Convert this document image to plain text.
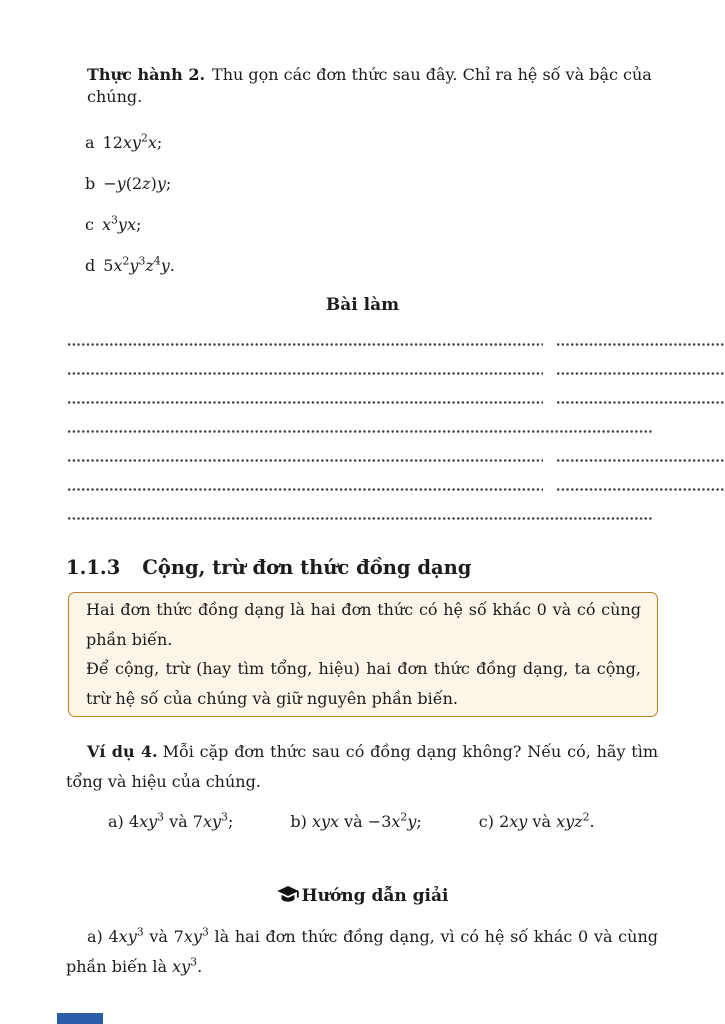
Thực hành 2. Thu gọn các đơn thức sau đây. Chỉ ra hệ số và bậc của chúng.

a $12xy^2x$;
b −y(2z)y;
c $x^3yx$;
d $5x^2y^3z^4y$.
Bài làm
1.1.3 Cộng, trừ đơn thức đồng dạng
Hai đơn thức đồng dạng là hai đơn thức có hệ số khác 0 và có cùng phần biến.
Để cộng, trừ (hay tìm tổng, hiệu) hai đơn thức đồng dạng, ta cộng, trừ hệ số của chúng và giữ nguyên phần biến.

Ví dụ 4. Mỗi cặp đơn thức sau có đồng dạng không? Nếu có, hãy tìm tổng và hiệu của chúng.

a) $4xy^3$ và $7xy^3$;	b) xyx và $-3x^2y$;	c) 2xy và xyz$^2$.
Hướng dẫn giải

a) $4xy^3$ và $7xy^3$ là hai đơn thức đồng dạng, vì có hệ số khác 0 và cùng phần biến là $xy^3$.
